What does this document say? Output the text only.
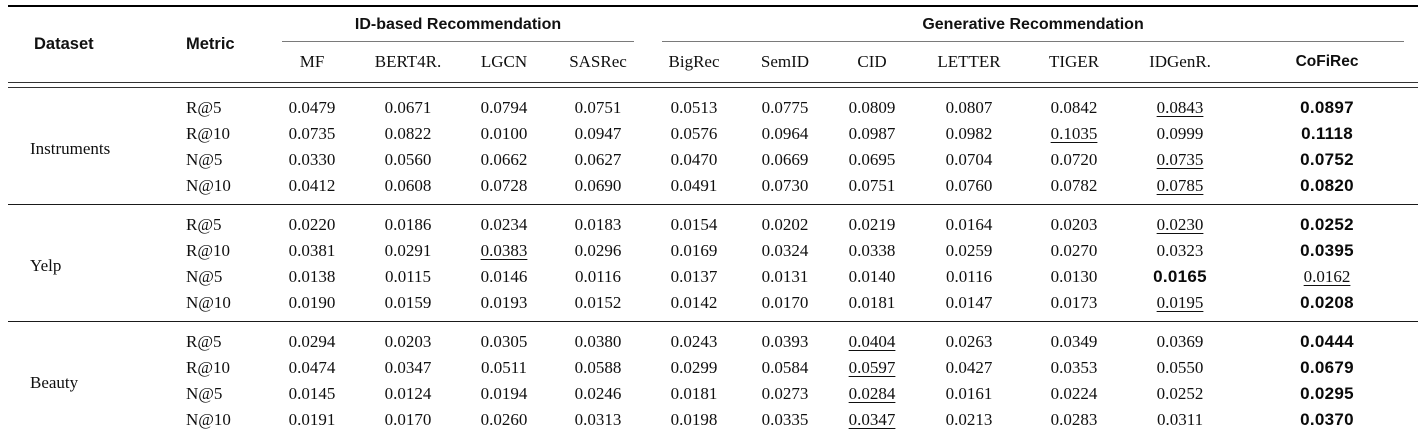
Dataset	Metric	ID-based Recommendation				Generative Recommendation						

		MF	BERT4R.	LGCN	SASRec	BigRec	SemID	CID	LETTER	TIGER	IDGenR.	CoFiRec

Instruments	R@5	0.0479	0.0671	0.0794	0.0751	0.0513	0.0775	0.0809	0.0807	0.0842	0.0843	0.0897
	R@10	0.0735	0.0822	0.0100	0.0947	0.0576	0.0964	0.0987	0.0982	0.1035	0.0999	0.1118
	N@5	0.0330	0.0560	0.0662	0.0627	0.0470	0.0669	0.0695	0.0704	0.0720	0.0735	0.0752
	N@10	0.0412	0.0608	0.0728	0.0690	0.0491	0.0730	0.0751	0.0760	0.0782	0.0785	0.0820
Yelp	R@5	0.0220	0.0186	0.0234	0.0183	0.0154	0.0202	0.0219	0.0164	0.0203	0.0230	0.0252
	R@10	0.0381	0.0291	0.0383	0.0296	0.0169	0.0324	0.0338	0.0259	0.0270	0.0323	0.0395
	N@5	0.0138	0.0115	0.0146	0.0116	0.0137	0.0131	0.0140	0.0116	0.0130	0.0165	0.0162
	N@10	0.0190	0.0159	0.0193	0.0152	0.0142	0.0170	0.0181	0.0147	0.0173	0.0195	0.0208
Beauty	R@5	0.0294	0.0203	0.0305	0.0380	0.0243	0.0393	0.0404	0.0263	0.0349	0.0369	0.0444
	R@10	0.0474	0.0347	0.0511	0.0588	0.0299	0.0584	0.0597	0.0427	0.0353	0.0550	0.0679
	N@5	0.0145	0.0124	0.0194	0.0246	0.0181	0.0273	0.0284	0.0161	0.0224	0.0252	0.0295
	N@10	0.0191	0.0170	0.0260	0.0313	0.0198	0.0335	0.0347	0.0213	0.0283	0.0311	0.0370
